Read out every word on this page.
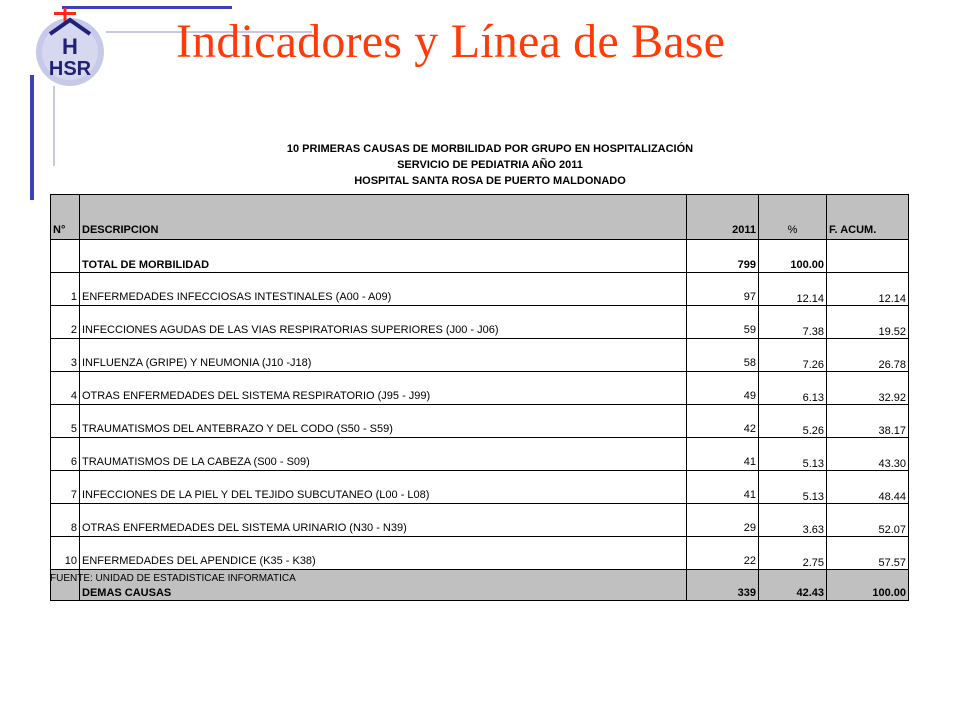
H
HSR
Indicadores y Línea de Base
10 PRIMERAS CAUSAS DE MORBILIDAD POR GRUPO EN HOSPITALIZACIÓN
SERVICIO DE PEDIATRIA AÑO 2011
HOSPITAL SANTA ROSA DE PUERTO MALDONADO
N°	DESCRIPCION	2011	%	F. ACUM.
	TOTAL DE MORBILIDAD	799	100.00	
1	ENFERMEDADES INFECCIOSAS INTESTINALES (A00 - A09)	97	12.14	12.14
2	INFECCIONES AGUDAS DE LAS VIAS RESPIRATORIAS SUPERIORES (J00 - J06)	59	7.38	19.52
3	INFLUENZA (GRIPE) Y NEUMONIA (J10 -J18)	58	7.26	26.78
4	OTRAS ENFERMEDADES DEL SISTEMA RESPIRATORIO (J95 - J99)	49	6.13	32.92
5	TRAUMATISMOS DEL ANTEBRAZO Y DEL CODO (S50 - S59)	42	5.26	38.17
6	TRAUMATISMOS DE LA CABEZA (S00 - S09)	41	5.13	43.30
7	INFECCIONES DE LA PIEL Y DEL TEJIDO SUBCUTANEO (L00 - L08)	41	5.13	48.44
8	OTRAS ENFERMEDADES DEL SISTEMA URINARIO (N30 - N39)	29	3.63	52.07
10	ENFERMEDADES DEL APENDICE (K35 - K38)	22	2.75	57.57
	DEMAS CAUSAS	339	42.43	100.00
FUENTE: UNIDAD DE ESTADISTICAE INFORMATICA
